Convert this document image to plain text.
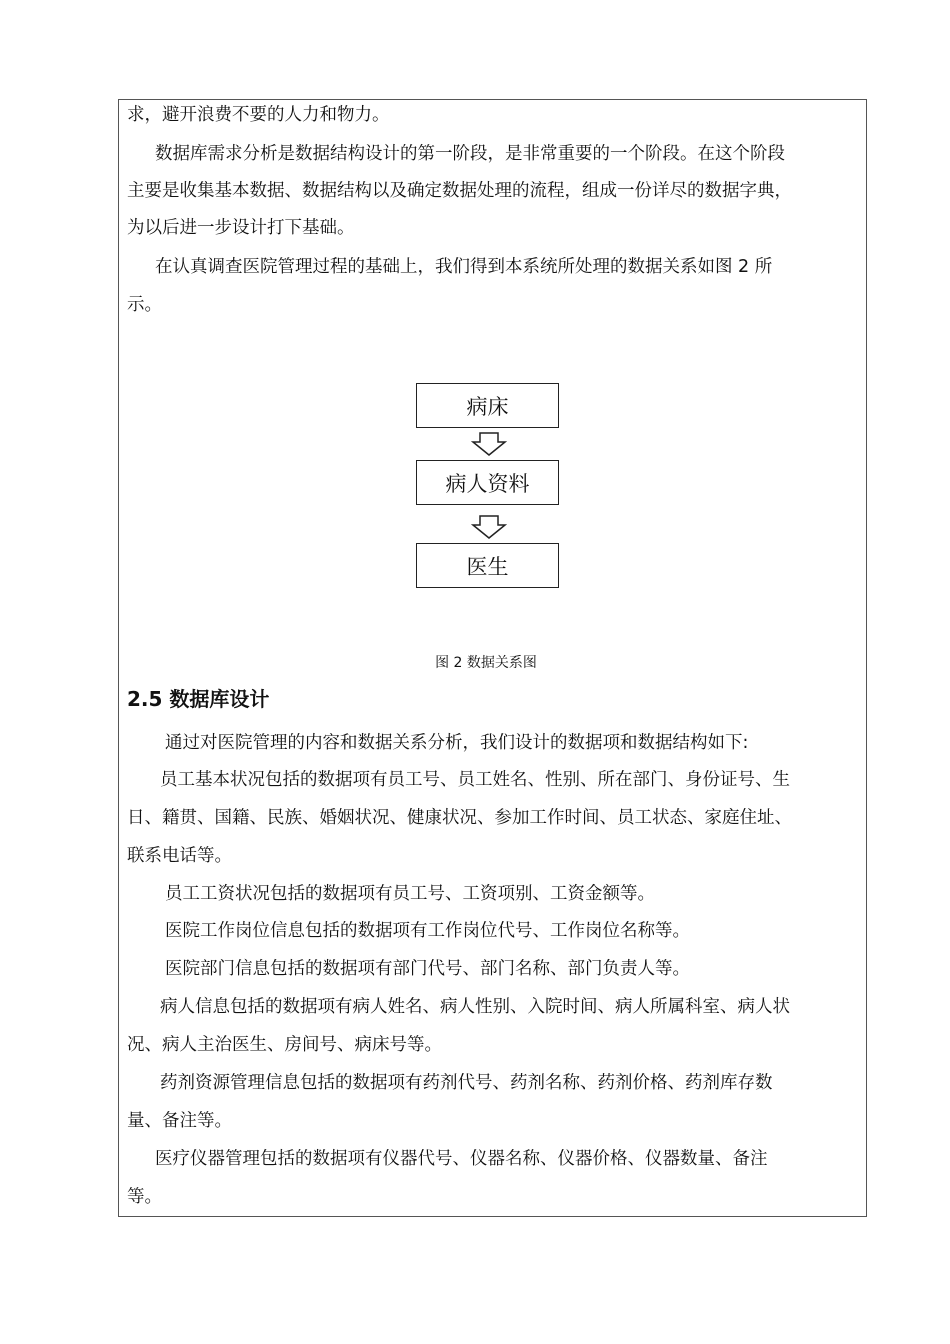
求，避开浪费不要的人力和物力。
数据库需求分析是数据结构设计的第一阶段，是非常重要的一个阶段。在这个阶段
主要是收集基本数据、数据结构以及确定数据处理的流程，组成一份详尽的数据字典，
为以后进一步设计打下基础。
在认真调查医院管理过程的基础上，我们得到本系统所处理的数据关系如图 2 所
示。
病床
病人资料
医生
图 2 数据关系图
2.5 数据库设计
通过对医院管理的内容和数据关系分析，我们设计的数据项和数据结构如下:
员工基本状况包括的数据项有员工号、员工姓名、性别、所在部门、身份证号、生
日、籍贯、国籍、民族、婚姻状况、健康状况、参加工作时间、员工状态、家庭住址、
联系电话等。
员工工资状况包括的数据项有员工号、工资项别、工资金额等。
医院工作岗位信息包括的数据项有工作岗位代号、工作岗位名称等。
医院部门信息包括的数据项有部门代号、部门名称、部门负责人等。
病人信息包括的数据项有病人姓名、病人性别、入院时间、病人所属科室、病人状
况、病人主治医生、房间号、病床号等。
药剂资源管理信息包括的数据项有药剂代号、药剂名称、药剂价格、药剂库存数
量、备注等。
医疗仪器管理包括的数据项有仪器代号、仪器名称、仪器价格、仪器数量、备注
等。
